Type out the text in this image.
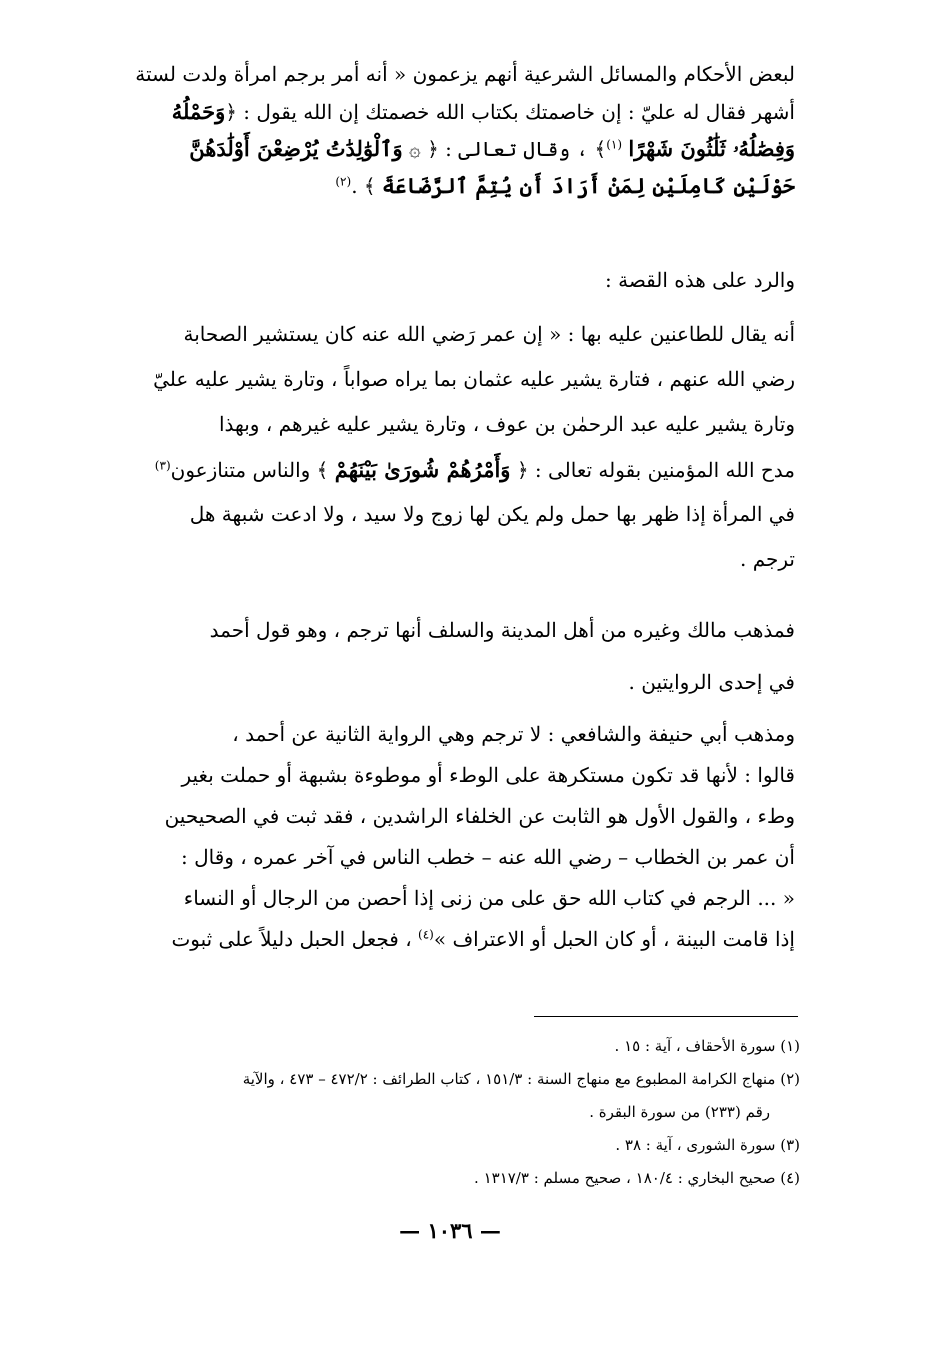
لبعض الأحكام والمسائل الشرعية أنهم يزعمون « أنه أمر برجم امرأة ولدت لستة
أشهر فقال له عليّ : إن خاصمتك بكتاب الله خصمتك إن الله يقول : ﴿وَحَمْلُهُ
وَفِصَٰلُهُۥ ثَلَٰثُونَ شَهْرًا $^{(١)}$﴾ ، وقال تعالى : ﴿ ۞ وَٱلْوَٰلِدَٰتُ يُرْضِعْنَ أَوْلَٰدَهُنَّ
حَوْلَيْنِ كَامِلَيْنِ لِمَنْ أَرَادَ أَن يُتِمَّ ٱلرَّضَاعَةَ ﴾ .$^{(٢)}$
والرد على هذه القصة :
أنه يقال للطاعنين عليه بها : « إن عمر رَضي الله عنه كان يستشير الصحابة
رضي الله عنهم ، فتارة يشير عليه عثمان بما يراه صواباً ، وتارة يشير عليه عليّ
وتارة يشير عليه عبد الرحمٰن بن عوف ، وتارة يشير عليه غيرهم ، وبهذا
مدح الله المؤمنين بقوله تعالى : ﴿ وَأَمْرُهُمْ شُورَىٰ بَيْنَهُمْ ﴾ والناس متنازعون$^{(٣)}$
في المرأة إذا ظهر بها حمل ولم يكن لها زوج ولا سيد ، ولا ادعت شبهة هل
ترجم .
فمذهب مالك وغيره من أهل المدينة والسلف أنها ترجم ، وهو قول أحمد
في إحدى الروايتين .
ومذهب أبي حنيفة والشافعي : لا ترجم وهي الرواية الثانية عن أحمد ،
قالوا : لأنها قد تكون مستكرهة على الوطء أو موطوءة بشبهة أو حملت بغير
وطء ، والقول الأول هو الثابت عن الخلفاء الراشدين ، فقد ثبت في الصحيحين
أن عمر بن الخطاب – رضي الله عنه – خطب الناس في آخر عمره ، وقال :
« ... الرجم في كتاب الله حق على من زنى إذا أحصن من الرجال أو النساء
إذا قامت البينة ، أو كان الحبل أو الاعتراف »$^{(٤)}$ ، فجعل الحبل دليلاً على ثبوت
(١) سورة الأحقاف ، آية : ١٥ .
(٢) منهاج الكرامة المطبوع مع منهاج السنة : ١٥١/٣ ، كتاب الطرائف : ٤٧٢/٢ – ٤٧٣ ، والآية
رقم (٢٣٣) من سورة البقرة .
(٣) سورة الشورى ، آية : ٣٨ .
(٤) صحيح البخاري : ١٨٠/٤ ، صحيح مسلم : ١٣١٧/٣ .
— ١٠٣٦ —
